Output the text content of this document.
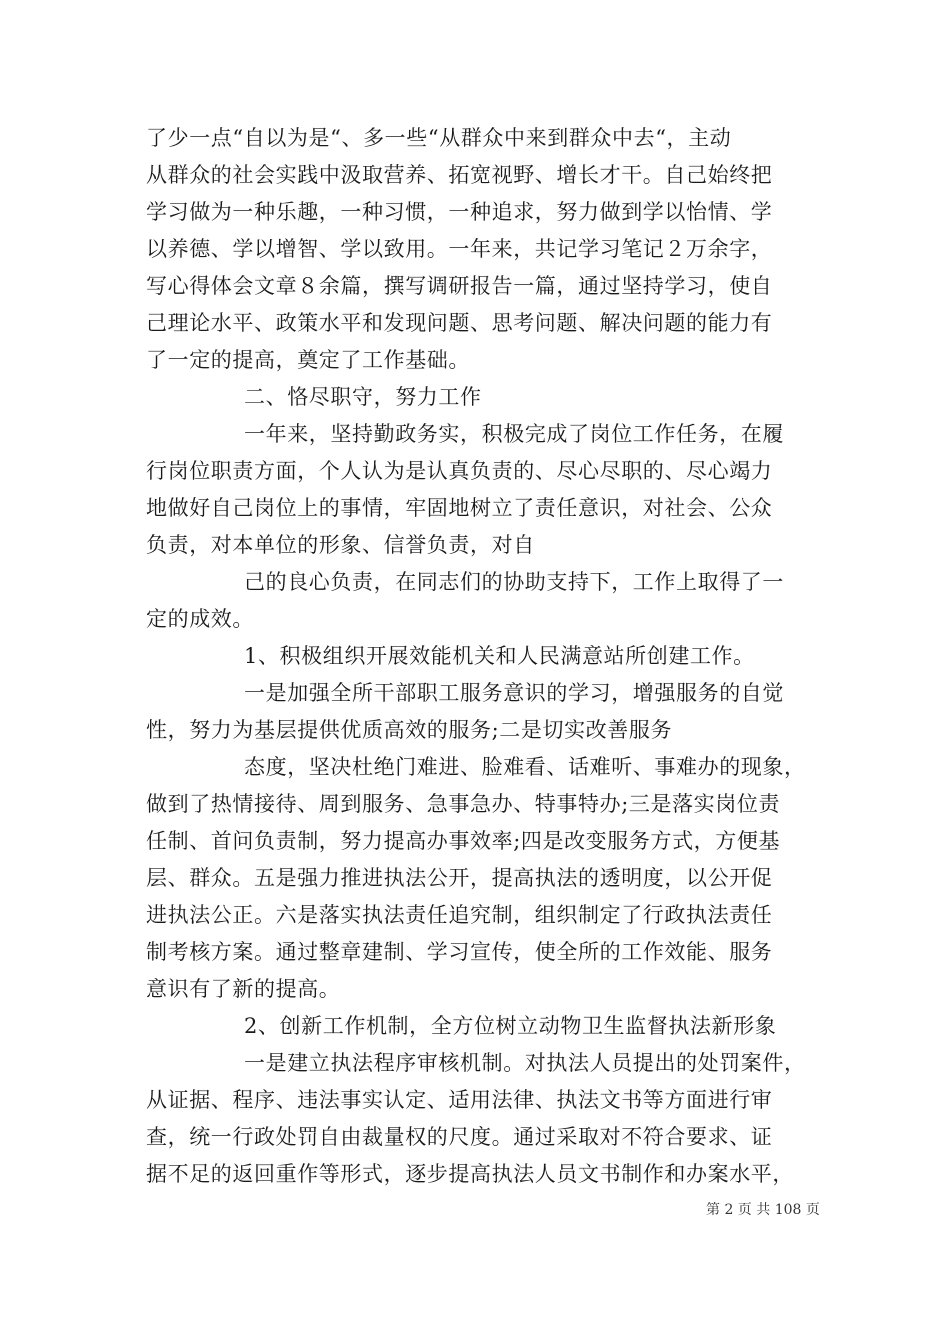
了少一点“自以为是“、多一些“从群众中来到群众中去“，主动
从群众的社会实践中汲取营养、拓宽视野、增长才干。自己始终把
学习做为一种乐趣，一种习惯，一种追求，努力做到学以怡情、学
以养德、学以增智、学以致用。一年来，共记学习笔记２万余字，
写心得体会文章８余篇，撰写调研报告一篇，通过坚持学习，使自
己理论水平、政策水平和发现问题、思考问题、解决问题的能力有
了一定的提高，奠定了工作基础。
二、恪尽职守，努力工作
一年来，坚持勤政务实，积极完成了岗位工作任务，在履
行岗位职责方面，个人认为是认真负责的、尽心尽职的、尽心竭力
地做好自己岗位上的事情，牢固地树立了责任意识，对社会、公众
负责，对本单位的形象、信誉负责，对自
己的良心负责，在同志们的协助支持下，工作上取得了一
定的成效。
1、积极组织开展效能机关和人民满意站所创建工作。
一是加强全所干部职工服务意识的学习，增强服务的自觉
性，努力为基层提供优质高效的服务;二是切实改善服务
态度，坚决杜绝门难进、脸难看、话难听、事难办的现象，
做到了热情接待、周到服务、急事急办、特事特办;三是落实岗位责
任制、首问负责制，努力提高办事效率;四是改变服务方式，方便基
层、群众。五是强力推进执法公开，提高执法的透明度，以公开促
进执法公正。六是落实执法责任追究制，组织制定了行政执法责任
制考核方案。通过整章建制、学习宣传，使全所的工作效能、服务
意识有了新的提高。
2、创新工作机制，全方位树立动物卫生监督执法新形象
一是建立执法程序审核机制。对执法人员提出的处罚案件，
从证据、程序、违法事实认定、适用法律、执法文书等方面进行审
查，统一行政处罚自由裁量权的尺度。通过采取对不符合要求、证
据不足的返回重作等形式，逐步提高执法人员文书制作和办案水平，
第 2 页 共 108 页
